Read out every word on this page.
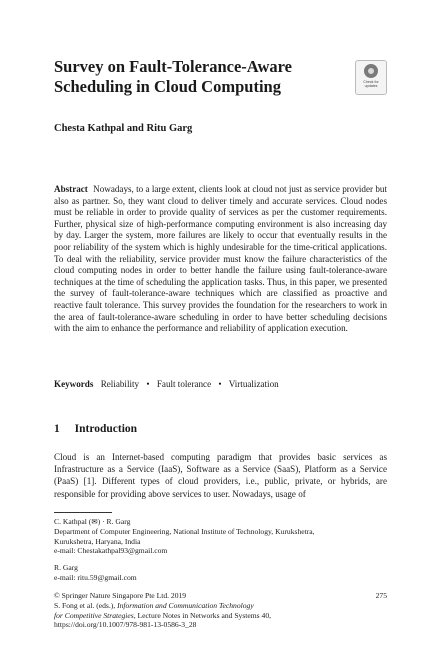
Survey on Fault-Tolerance-Aware Scheduling in Cloud Computing	Check for
updates
Chesta Kathpal and Ritu Garg
Abstract Nowadays, to a large extent, clients look at cloud not just as service provider but also as partner. So, they want cloud to deliver timely and accurate services. Cloud nodes must be reliable in order to provide quality of services as per the customer requirements. Further, physical size of high-performance computing environment is also increasing day by day. Larger the system, more failures are likely to occur that eventually results in the poor reliability of the system which is highly undesirable for the time-critical applications. To deal with the reliability, service provider must know the failure characteristics of the cloud computing nodes in order to better handle the failure using fault-tolerance-aware techniques at the time of scheduling the application tasks. Thus, in this paper, we presented the survey of fault-tolerance-aware techniques which are classified as proactive and reactive fault tolerance. This survey provides the foundation for the researchers to work in the area of fault-tolerance-aware scheduling in order to have better scheduling decisions with the aim to enhance the performance and reliability of application execution.
Keywords Reliability • Fault tolerance • Virtualization
1 Introduction
Cloud is an Internet-based computing paradigm that provides basic services as Infrastructure as a Service (IaaS), Software as a Service (SaaS), Platform as a Service (PaaS) [1]. Different types of cloud providers, i.e., public, private, or hybrids, are responsible for providing above services to user. Nowadays, usage of
C. Kathpal (✉) · R. Garg
Department of Computer Engineering, National Institute of Technology, Kurukshetra,
Kurukshetra, Haryana, India
e-mail: Chestakathpal93@gmail.com
R. Garg
e-mail: ritu.59@gmail.com
275
© Springer Nature Singapore Pte Ltd. 2019
S. Fong et al. (eds.), Information and Communication Technology
for Competitive Strategies, Lecture Notes in Networks and Systems 40,
https://doi.org/10.1007/978-981-13-0586-3_28
